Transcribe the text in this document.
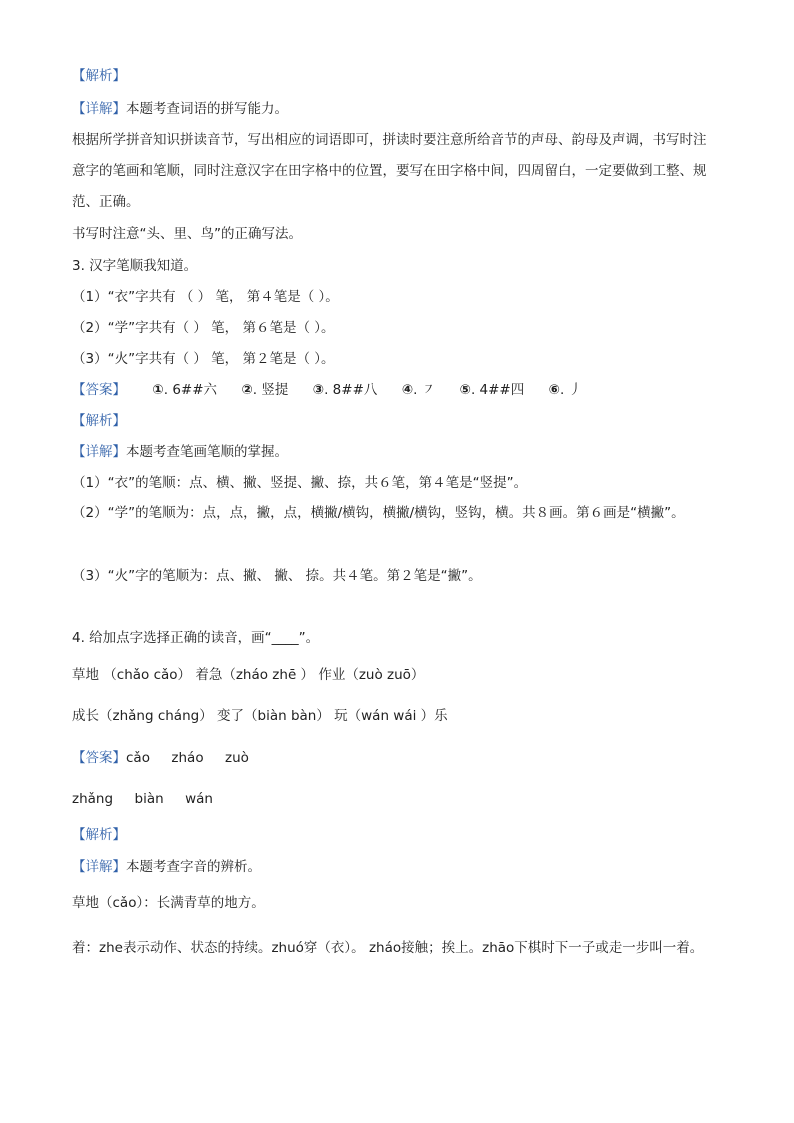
【解析】
【详解】本题考查词语的拼写能力。
根据所学拼音知识拼读音节，写出相应的词语即可，拼读时要注意所给音节的声母、韵母及声调，书写时注意字的笔画和笔顺，同时注意汉字在田字格中的位置，要写在田字格中间，四周留白，一定要做到工整、规范、正确。
书写时注意“头、里、鸟”的正确写法。
3. 汉字笔顺我知道。
（1）“衣”字共有 （ ） 笔， 第４笔是（ ）。
（2）“学”字共有（ ） 笔， 第６笔是（ ）。
（3）“火”字共有（ ） 笔， 第２笔是（ ）。
【答案】 ①. 6##六 ②. 竖提 ③. 8##八 ④. ㇇ ⑤. 4##四 ⑥. 丿
【解析】
【详解】本题考查笔画笔顺的掌握。
（1）“衣”的笔顺：点、横、撇、竖提、撇、捺，共６笔，第４笔是“竖提”。
（2）“学”的笔顺为：点，点，撇，点，横撇/横钩，横撇/横钩，竖钩，横。共８画。第６画是“横撇”。
（3）“火”字的笔顺为：点、撇、 撇、 捺。共４笔。第２笔是“撇”。
4. 给加点字选择正确的读音，画“____”。
草地 （chǎo cǎo） 着急（zháo zhē ） 作业（zuò zuō）
成长（zhǎng cháng） 变了（biàn bàn） 玩（wán wái ）乐
【答案】cǎo     zháo     zuò
zhǎng     biàn     wán
【解析】
【详解】本题考查字音的辨析。
草地（cǎo）：长满青草的地方。
着：zhe表示动作、状态的持续。zhuó穿（衣）。 zháo接触；挨上。zhāo下棋时下一子或走一步叫一着。
